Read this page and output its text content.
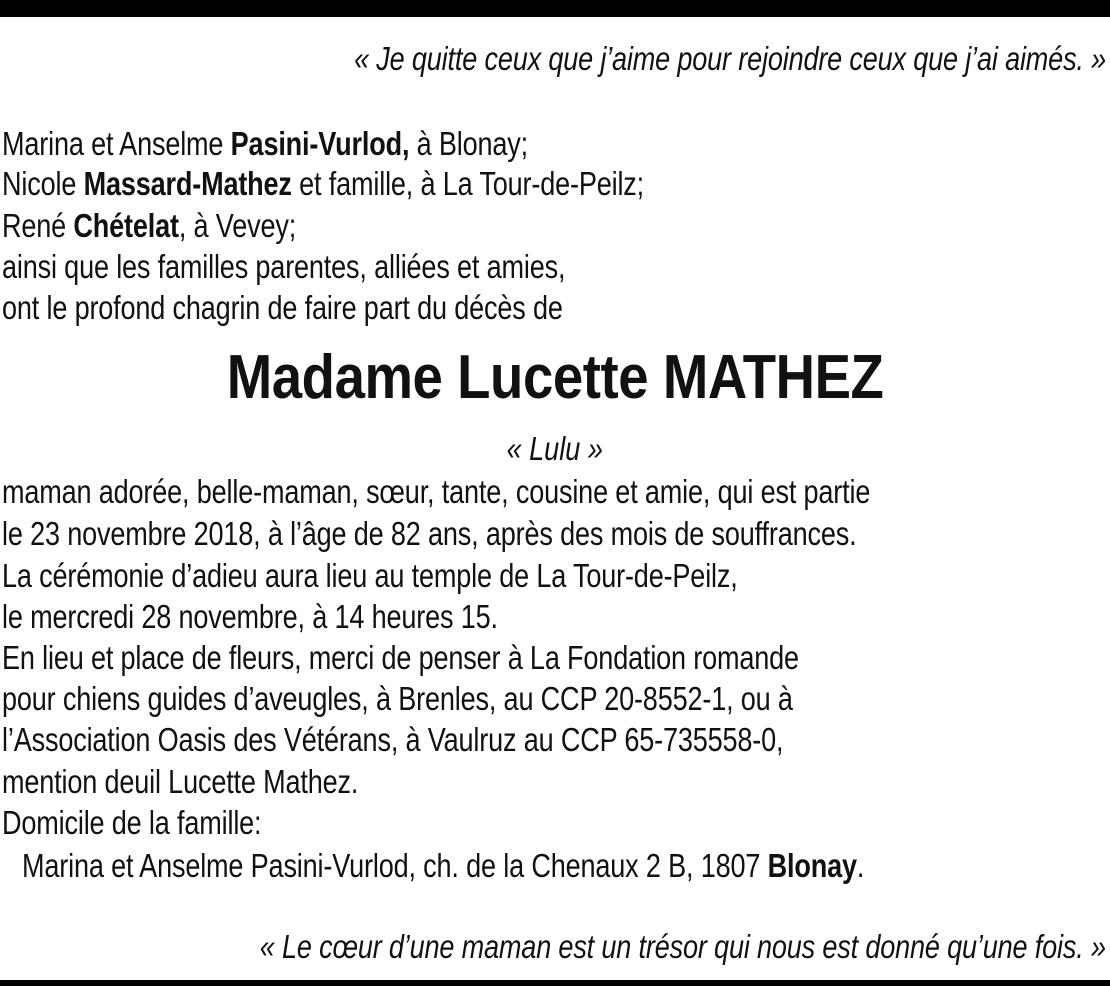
« Je quitte ceux que j’aime pour rejoindre ceux que j’ai aimés. »
Marina et Anselme Pasini-Vurlod, à Blonay;
Nicole Massard-Mathez et famille, à La Tour-de-Peilz;
René Chételat, à Vevey;
ainsi que les familles parentes, alliées et amies,
ont le profond chagrin de faire part du décès de
Madame Lucette MATHEZ
« Lulu »
maman adorée, belle-maman, sœur, tante, cousine et amie, qui est partie
le 23 novembre 2018, à l’âge de 82 ans, après des mois de souffrances.
La cérémonie d’adieu aura lieu au temple de La Tour-de-Peilz,
le mercredi 28 novembre, à 14 heures 15.
En lieu et place de fleurs, merci de penser à La Fondation romande
pour chiens guides d’aveugles, à Brenles, au CCP 20-8552-1, ou à
l’Association Oasis des Vétérans, à Vaulruz au CCP 65-735558-0,
mention deuil Lucette Mathez.
Domicile de la famille:
Marina et Anselme Pasini-Vurlod, ch. de la Chenaux 2 B, 1807 Blonay.
« Le cœur d’une maman est un trésor qui nous est donné qu’une fois. »
